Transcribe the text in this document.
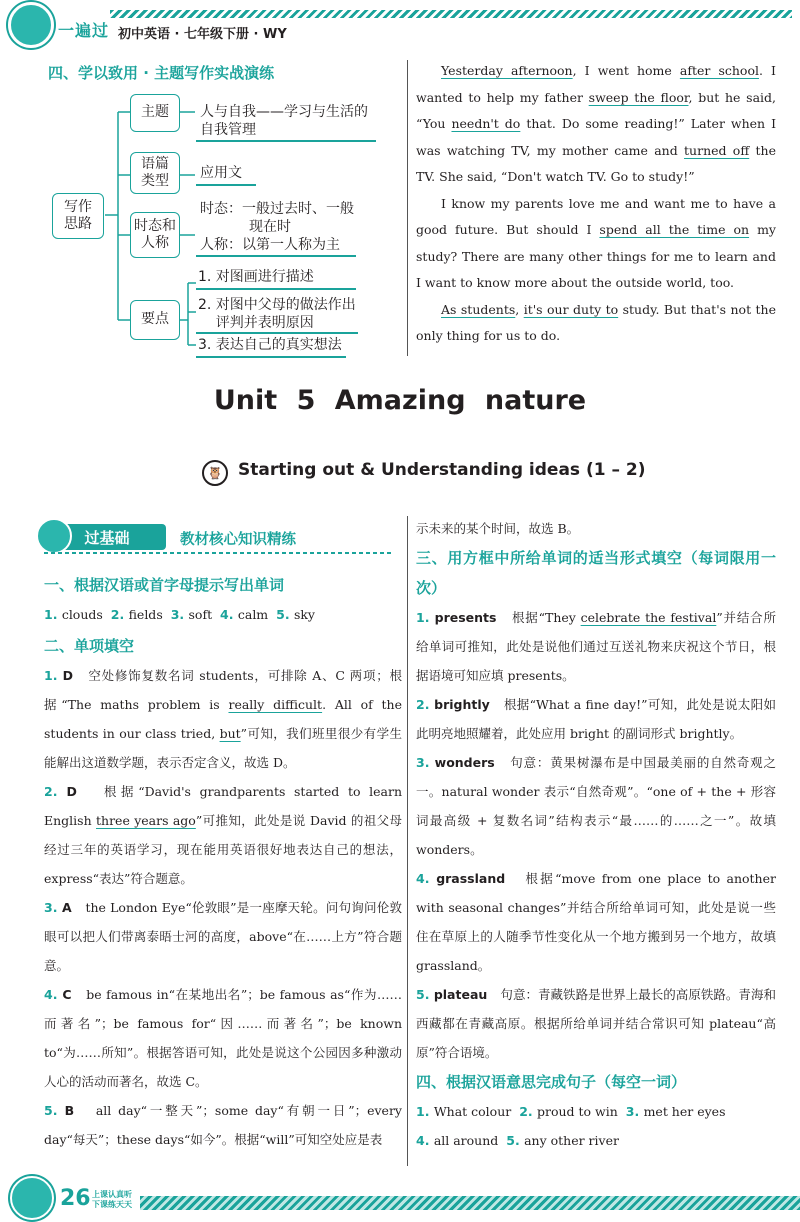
一遍过 初中英语 · 七年级下册 · WY
四、学以致用 · 主题写作实战演练
写作
思路
主题	人与自我——学习与生活的
自我管理
语篇
类型	应用文
时态和
人称
时态：一般过去时、一般
现在时
人称：以第一人称为主
要点
1. 对图画进行描述
2. 对图中父母的做法作出
评判并表明原因
3. 表达自己的真实想法

Yesterday afternoon, I went home after school. I wanted to help my father sweep the floor, but he said, “You needn't do that. Do some reading!” Later when I was watching TV, my mother came and turned off the TV. She said, “Don't watch TV. Go to study!”

I know my parents love me and want me to have a good future. But should I spend all the time on my study? There are many other things for me to learn and I want to know more about the outside world, too.

As students, it's our duty to study. But that's not the only thing for us to do.

Unit 5 Amazing nature
🦉 Starting out & Understanding ideas (1 – 2)
过基础	教材核心知识精练
一、根据汉语或首字母提示写出单词
1. clouds  2. fields  3. soft  4. calm  5. sky
二、单项填空
1. D   空处修饰复数名词 students，可排除 A、C 两项；根据“The maths problem is really difficult. All of the students in our class tried, but”可知，我们班里很少有学生能解出这道数学题，表示否定含义，故选 D。
2. D   根据“David's grandparents started to learn English three years ago”可推知，此处是说 David 的祖父母经过三年的英语学习，现在能用英语很好地表达自己的想法，express“表达”符合题意。
3. A   the London Eye“伦敦眼”是一座摩天轮。问句询问伦敦眼可以把人们带离泰晤士河的高度，above“在……上方”符合题意。
4. C   be famous in“在某地出名”；be famous as“作为……而著名”；be famous for“因……而著名”；be known to“为……所知”。根据答语可知，此处是说这个公园因多种激动人心的活动而著名，故选 C。
5. B   all day“一整天”；some day“有朝一日”；every day“每天”；these days“如今”。根据“will”可知空处应是表
示未来的某个时间，故选 B。
三、用方框中所给单词的适当形式填空（每词限用一次）
1. presents   根据“They celebrate the festival”并结合所给单词可推知，此处是说他们通过互送礼物来庆祝这个节日，根据语境可知应填 presents。
2. brightly   根据“What a fine day!”可知，此处是说太阳如此明亮地照耀着，此处应用 bright 的副词形式 brightly。
3. wonders   句意：黄果树瀑布是中国最美丽的自然奇观之一。natural wonder 表示“自然奇观”。“one of + the + 形容词最高级 + 复数名词”结构表示“最……的……之一”。故填 wonders。
4. grassland   根据“move from one place to another with seasonal changes”并结合所给单词可知，此处是说一些住在草原上的人随季节性变化从一个地方搬到另一个地方，故填 grassland。
5. plateau   句意：青藏铁路是世界上最长的高原铁路。青海和西藏都在青藏高原。根据所给单词并结合常识可知 plateau“高原”符合语境。
四、根据汉语意思完成句子（每空一词）
1. What colour  2. proud to win  3. met her eyes
4. all around  5. any other river
26 上课认真听
下课练天天
